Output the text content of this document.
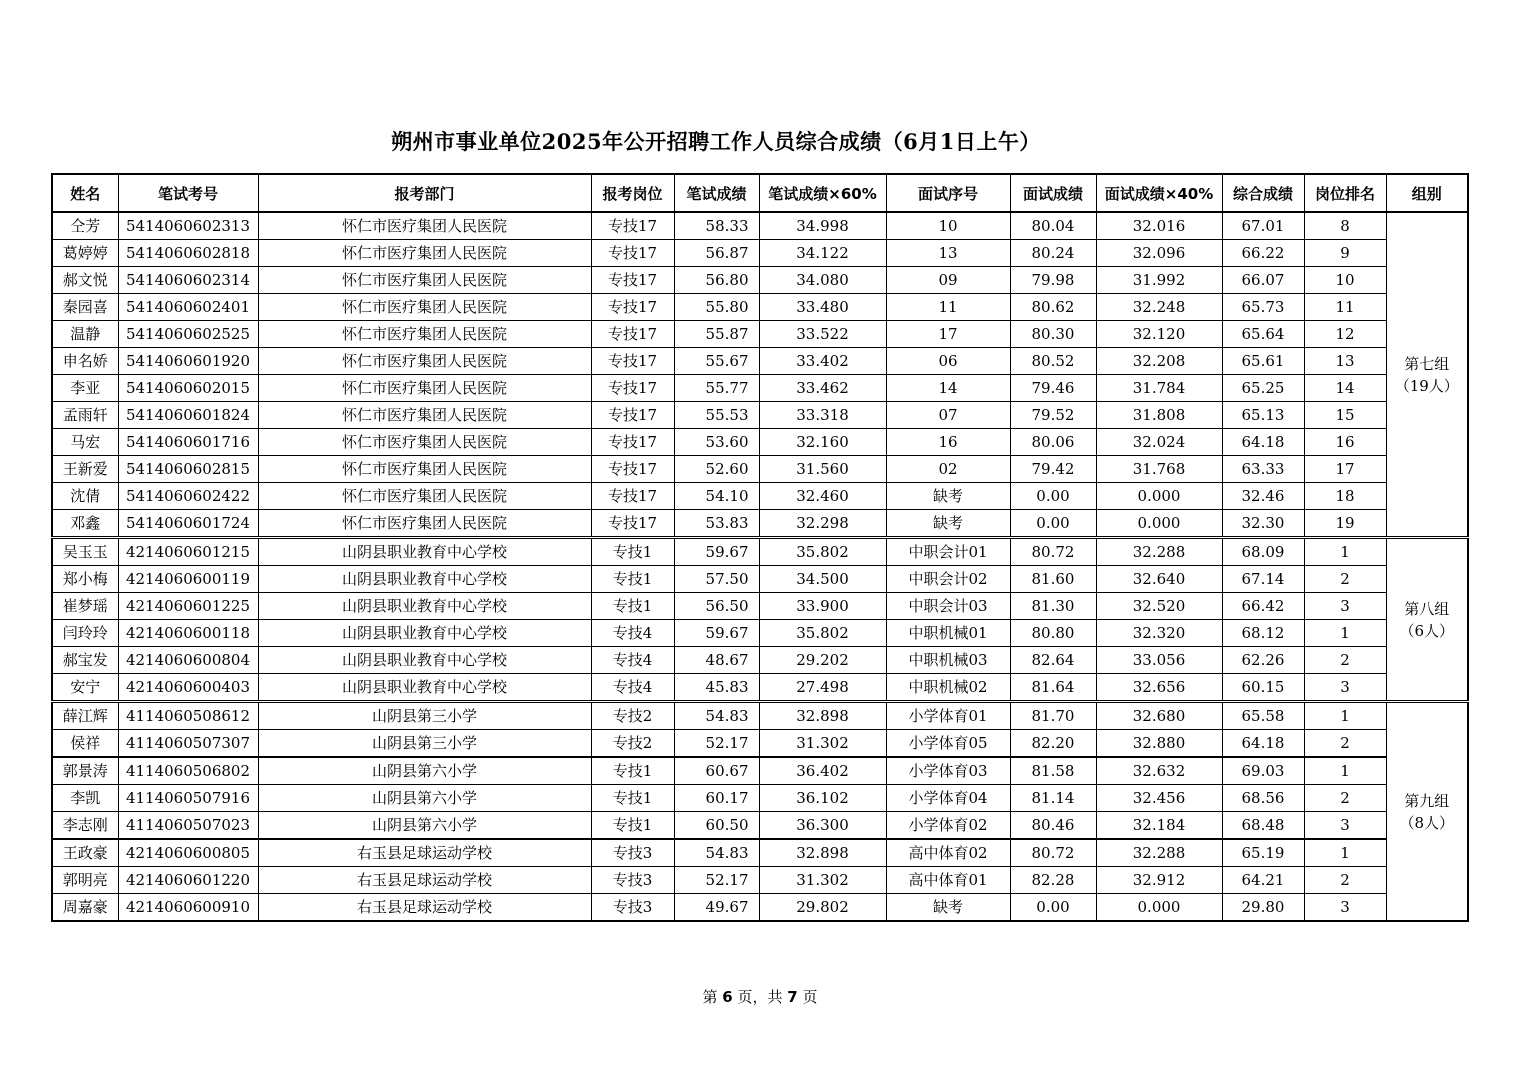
朔州市事业单位2025年公开招聘工作人员综合成绩（6月1日上午）
姓名	笔试考号	报考部门	报考岗位	笔试成绩	笔试成绩×60%	面试序号	面试成绩	面试成绩×40%	综合成绩	岗位排名	组别
仝芳	5414060602313	怀仁市医疗集团人民医院	专技17	58.33	34.998	10	80.04	32.016	67.01	8	第七组
（19人）
葛婷婷	5414060602818	怀仁市医疗集团人民医院	专技17	56.87	34.122	13	80.24	32.096	66.22	9	
郝文悦	5414060602314	怀仁市医疗集团人民医院	专技17	56.80	34.080	09	79.98	31.992	66.07	10	
秦园喜	5414060602401	怀仁市医疗集团人民医院	专技17	55.80	33.480	11	80.62	32.248	65.73	11	
温静	5414060602525	怀仁市医疗集团人民医院	专技17	55.87	33.522	17	80.30	32.120	65.64	12	
申名娇	5414060601920	怀仁市医疗集团人民医院	专技17	55.67	33.402	06	80.52	32.208	65.61	13	
李亚	5414060602015	怀仁市医疗集团人民医院	专技17	55.77	33.462	14	79.46	31.784	65.25	14	
孟雨轩	5414060601824	怀仁市医疗集团人民医院	专技17	55.53	33.318	07	79.52	31.808	65.13	15	
马宏	5414060601716	怀仁市医疗集团人民医院	专技17	53.60	32.160	16	80.06	32.024	64.18	16	
王新爱	5414060602815	怀仁市医疗集团人民医院	专技17	52.60	31.560	02	79.42	31.768	63.33	17	
沈倩	5414060602422	怀仁市医疗集团人民医院	专技17	54.10	32.460	缺考	0.00	0.000	32.46	18	
邓鑫	5414060601724	怀仁市医疗集团人民医院	专技17	53.83	32.298	缺考	0.00	0.000	32.30	19	
吴玉玉	4214060601215	山阴县职业教育中心学校	专技1	59.67	35.802	中职会计01	80.72	32.288	68.09	1	第八组
（6人）
郑小梅	4214060600119	山阴县职业教育中心学校	专技1	57.50	34.500	中职会计02	81.60	32.640	67.14	2	
崔梦瑶	4214060601225	山阴县职业教育中心学校	专技1	56.50	33.900	中职会计03	81.30	32.520	66.42	3	
闫玲玲	4214060600118	山阴县职业教育中心学校	专技4	59.67	35.802	中职机械01	80.80	32.320	68.12	1	
郝宝发	4214060600804	山阴县职业教育中心学校	专技4	48.67	29.202	中职机械03	82.64	33.056	62.26	2	
安宁	4214060600403	山阴县职业教育中心学校	专技4	45.83	27.498	中职机械02	81.64	32.656	60.15	3	
薛江辉	4114060508612	山阴县第三小学	专技2	54.83	32.898	小学体育01	81.70	32.680	65.58	1	第九组
（8人）
侯祥	4114060507307	山阴县第三小学	专技2	52.17	31.302	小学体育05	82.20	32.880	64.18	2	
郭景涛	4114060506802	山阴县第六小学	专技1	60.67	36.402	小学体育03	81.58	32.632	69.03	1	
李凯	4114060507916	山阴县第六小学	专技1	60.17	36.102	小学体育04	81.14	32.456	68.56	2	
李志刚	4114060507023	山阴县第六小学	专技1	60.50	36.300	小学体育02	80.46	32.184	68.48	3	
王政豪	4214060600805	右玉县足球运动学校	专技3	54.83	32.898	高中体育02	80.72	32.288	65.19	1	
郭明亮	4214060601220	右玉县足球运动学校	专技3	52.17	31.302	高中体育01	82.28	32.912	64.21	2	
周嘉豪	4214060600910	右玉县足球运动学校	专技3	49.67	29.802	缺考	0.00	0.000	29.80	3	
第 6 页，共 7 页
